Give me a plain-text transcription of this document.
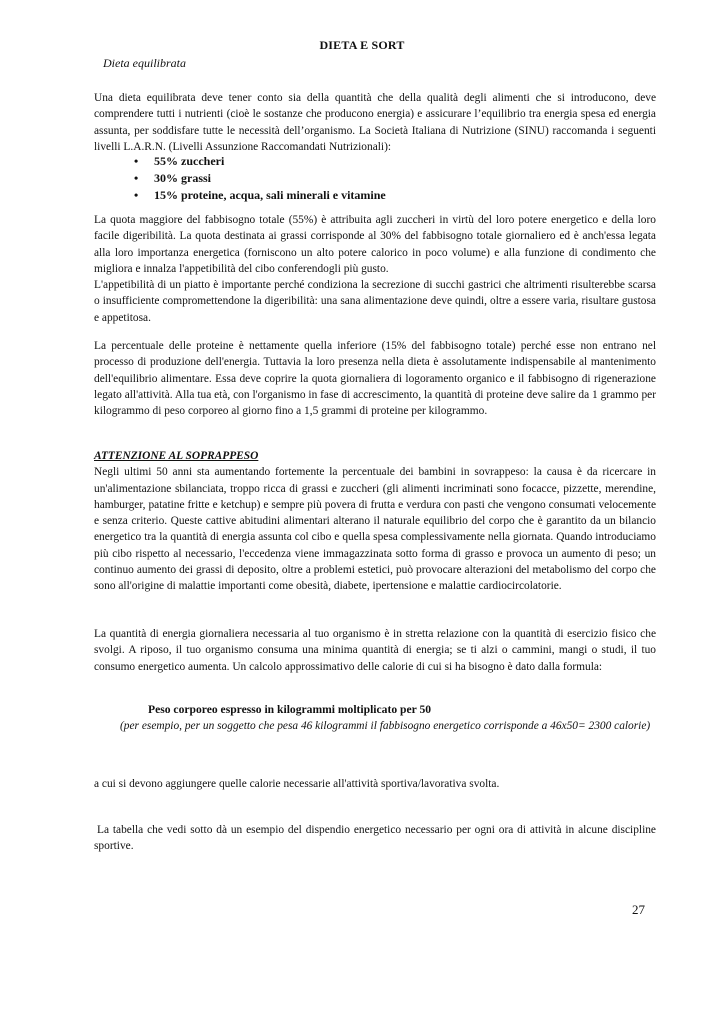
DIETA E SORT
Dieta equilibrata

Una dieta equilibrata deve tener conto sia della quantità che della qualità degli alimenti che si introducono, deve comprendere tutti i nutrienti (cioè le sostanze che producono energia) e assicurare l’equilibrio tra energia spesa ed energia assunta, per soddisfare tutte le necessità dell’organismo. La Società Italiana di Nutrizione (SINU) raccomanda i seguenti livelli L.A.R.N. (Livelli Assunzione Raccomandati Nutrizionali):

• 55% zuccheri
• 30% grassi
• 15% proteine, acqua, sali minerali e vitamine

La quota maggiore del fabbisogno totale (55%) è attribuita agli zuccheri in virtù del loro potere energetico e della loro facile digeribilità. La quota destinata ai grassi corrisponde al 30% del fabbisogno totale giornaliero ed è anch'essa legata alla loro importanza energetica (forniscono un alto potere calorico in poco volume) e alla funzione di condimento che migliora e innalza l'appetibilità del cibo conferendogli più gusto.

L'appetibilità di un piatto è importante perché condiziona la secrezione di succhi gastrici che altrimenti risulterebbe scarsa o insufficiente compromettendone la digeribilità: una sana alimentazione deve quindi, oltre a essere varia, risultare gustosa e appetitosa.

La percentuale delle proteine è nettamente quella inferiore (15% del fabbisogno totale) perché esse non entrano nel processo di produzione dell'energia. Tuttavia la loro presenza nella dieta è assolutamente indispensabile al mantenimento dell'equilibrio alimentare. Essa deve coprire la quota giornaliera di logoramento organico e il fabbisogno di rigenerazione legato all'attività. Alla tua età, con l'organismo in fase di accrescimento, la quantità di proteine deve salire da 1 grammo per kilogrammo di peso corporeo al giorno fino a 1,5 grammi di proteine per kilogrammo.

ATTENZIONE AL SOPRAPPESO

Negli ultimi 50 anni sta aumentando fortemente la percentuale dei bambini in sovrappeso: la causa è da ricercare in un'alimentazione sbilanciata, troppo ricca di grassi e zuccheri (gli alimenti incriminati sono focacce, pizzette, merendine, hamburger, patatine fritte e ketchup) e sempre più povera di frutta e verdura con pasti che vengono consumati velocemente e senza criterio. Queste cattive abitudini alimentari alterano il naturale equilibrio del corpo che è garantito da un bilancio energetico tra la quantità di energia assunta col cibo e quella spesa complessivamente nella giornata. Quando introduciamo più cibo rispetto al necessario, l'eccedenza viene immagazzinata sotto forma di grasso e provoca un aumento di peso; un continuo aumento dei grassi di deposito, oltre a problemi estetici, può provocare alterazioni del metabolismo del corpo che sono all'origine di malattie importanti come obesità, diabete, ipertensione e malattie cardiocircolatorie.

La quantità di energia giornaliera necessaria al tuo organismo è in stretta relazione con la quantità di esercizio fisico che svolgi. A riposo, il tuo organismo consuma una minima quantità di energia; se ti alzi o cammini, mangi o studi, il tuo consumo energetico aumenta. Un calcolo approssimativo delle calorie di cui si ha bisogno è dato dalla formula:

Peso corporeo espresso in kilogrammi moltiplicato per 50
(per esempio, per un soggetto che pesa 46 kilogrammi il fabbisogno energetico corrisponde a 46x50= 2300 calorie)

a cui si devono aggiungere quelle calorie necessarie all'attività sportiva/lavorativa svolta.

La tabella che vedi sotto dà un esempio del dispendio energetico necessario per ogni ora di attività in alcune discipline sportive.

27
